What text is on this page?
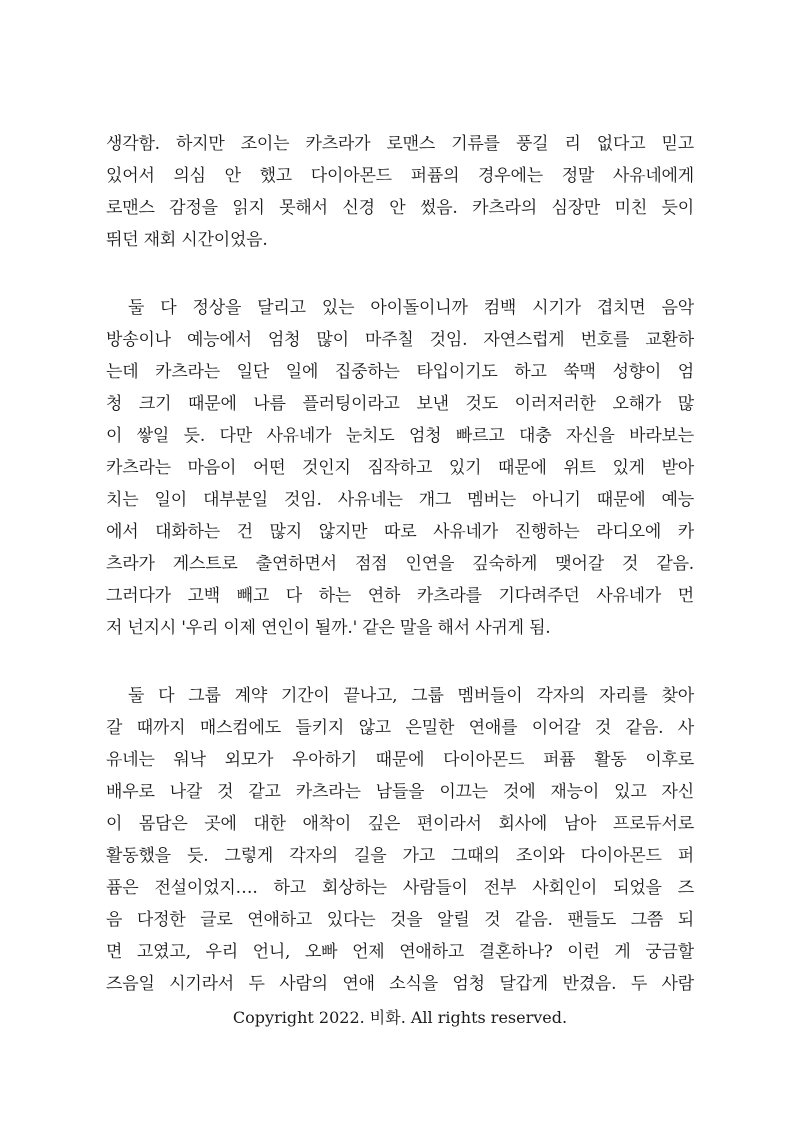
생각함. 하지만 조이는 카츠라가 로맨스 기류를 풍길 리 없다고 믿고
있어서 의심 안 했고 다이아몬드 퍼퓸의 경우에는 정말 사유네에게
로맨스 감정을 읽지 못해서 신경 안 썼음. 카츠라의 심장만 미친 듯이
뛰던 재회 시간이었음.

둘 다 정상을 달리고 있는 아이돌이니까 컴백 시기가 겹치면 음악
방송이나 예능에서 엄청 많이 마주칠 것임. 자연스럽게 번호를 교환하
는데 카츠라는 일단 일에 집중하는 타입이기도 하고 쑥맥 성향이 엄
청 크기 때문에 나름 플러팅이라고 보낸 것도 이러저러한 오해가 많
이 쌓일 듯. 다만 사유네가 눈치도 엄청 빠르고 대충 자신을 바라보는
카츠라는 마음이 어떤 것인지 짐작하고 있기 때문에 위트 있게 받아
치는 일이 대부분일 것임. 사유네는 개그 멤버는 아니기 때문에 예능
에서 대화하는 건 많지 않지만 따로 사유네가 진행하는 라디오에 카
츠라가 게스트로 출연하면서 점점 인연을 깊숙하게 맺어갈 것 같음.
그러다가 고백 빼고 다 하는 연하 카츠라를 기다려주던 사유네가 먼
저 넌지시 '우리 이제 연인이 될까.' 같은 말을 해서 사귀게 됨.

둘 다 그룹 계약 기간이 끝나고, 그룹 멤버들이 각자의 자리를 찾아
갈 때까지 매스컴에도 들키지 않고 은밀한 연애를 이어갈 것 같음. 사
유네는 워낙 외모가 우아하기 때문에 다이아몬드 퍼퓸 활동 이후로
배우로 나갈 것 같고 카츠라는 남들을 이끄는 것에 재능이 있고 자신
이 몸담은 곳에 대한 애착이 깊은 편이라서 회사에 남아 프로듀서로
활동했을 듯. 그렇게 각자의 길을 가고 그때의 조이와 다이아몬드 퍼
퓸은 전설이었지…. 하고 회상하는 사람들이 전부 사회인이 되었을 즈
음 다정한 글로 연애하고 있다는 것을 알릴 것 같음. 팬들도 그쯤 되
면 고였고, 우리 언니, 오빠 언제 연애하고 결혼하나? 이런 게 궁금할
즈음일 시기라서 두 사람의 연애 소식을 엄청 달갑게 반겼음. 두 사람

Copyright 2022. 비화. All rights reserved.
